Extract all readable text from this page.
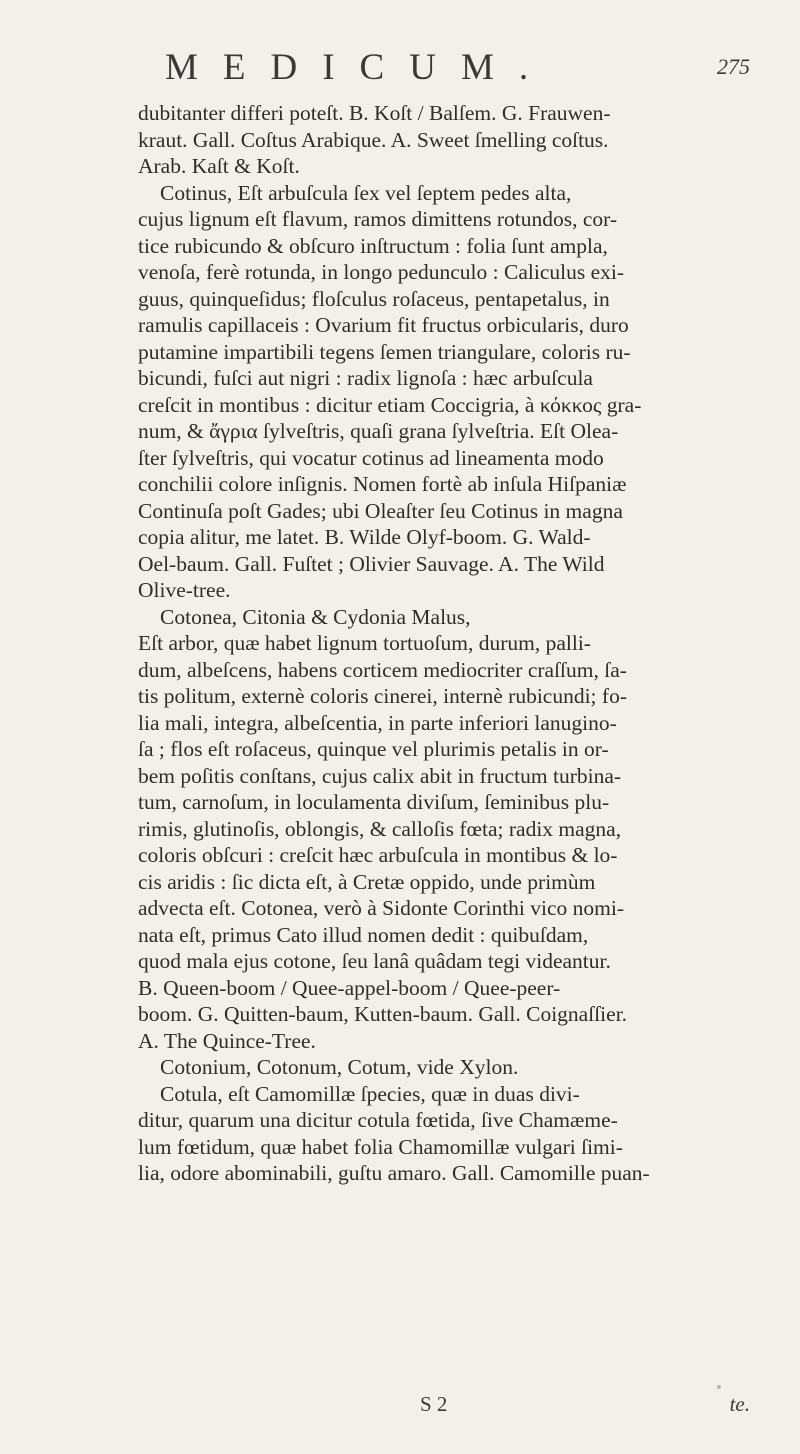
MEDICUM.	275
dubitanter differi poteſt. B. Koſt / Balſem. G. Frauwen-
kraut. Gall. Coſtus Arabique. A. Sweet ſmelling coſtus.
Arab. Kaſt & Koſt.
Cotinus, Eſt arbuſcula ſex vel ſeptem pedes alta,
cujus lignum eſt flavum, ramos dimittens rotundos, cor-
tice rubicundo & obſcuro inſtructum : folia ſunt ampla,
venoſa, ferè rotunda, in longo pedunculo : Caliculus exi-
guus, quinqueſidus; floſculus roſaceus, pentapetalus, in
ramulis capillaceis : Ovarium fit fructus orbicularis, duro
putamine impartibili tegens ſemen triangulare, coloris ru-
bicundi, fuſci aut nigri : radix lignoſa : hæc arbuſcula
creſcit in montibus : dicitur etiam Coccigria, à κόκκος gra-
num, & ἄγρια ſylveſtris, quaſi grana ſylveſtria. Eſt Olea-
ſter ſylveſtris, qui vocatur cotinus ad lineamenta modo
conchilii colore inſignis. Nomen fortè ab inſula Hiſpaniæ
Continuſa poſt Gades; ubi Oleaſter ſeu Cotinus in magna
copia alitur, me latet. B. Wilde Olyf-boom. G. Wald-
Oel-baum. Gall. Fuſtet ; Olivier Sauvage. A. The Wild
Olive-tree.
Cotonea, Citonia & Cydonia Malus,
Eſt arbor, quæ habet lignum tortuoſum, durum, palli-
dum, albeſcens, habens corticem mediocriter craſſum, ſa-
tis politum, externè coloris cinerei, internè rubicundi; fo-
lia mali, integra, albeſcentia, in parte inferiori lanugino-
ſa ; flos eſt roſaceus, quinque vel plurimis petalis in or-
bem poſitis conſtans, cujus calix abit in fructum turbina-
tum, carnoſum, in loculamenta diviſum, ſeminibus plu-
rimis, glutinoſis, oblongis, & calloſis fœta; radix magna,
coloris obſcuri : creſcit hæc arbuſcula in montibus & lo-
cis aridis : ſic dicta eſt, à Cretæ oppido, unde primùm
advecta eſt. Cotonea, verò à Sidonte Corinthi vico nomi-
nata eſt, primus Cato illud nomen dedit : quibuſdam,
quod mala ejus cotone, ſeu lanâ quâdam tegi videantur.
B. Queen-boom / Quee-appel-boom / Quee-peer-
boom. G. Quitten-baum, Kutten-baum. Gall. Coignaſſier.
A. The Quince-Tree.
Cotonium, Cotonum, Cotum, vide Xylon.
Cotula, eſt Camomillæ ſpecies, quæ in duas divi-
ditur, quarum una dicitur cotula fœtida, ſive Chamæme-
lum fœtidum, quæ habet folia Chamomillæ vulgari ſimi-
lia, odore abominabili, guſtu amaro. Gall. Camomille puan-
S 2	te.
